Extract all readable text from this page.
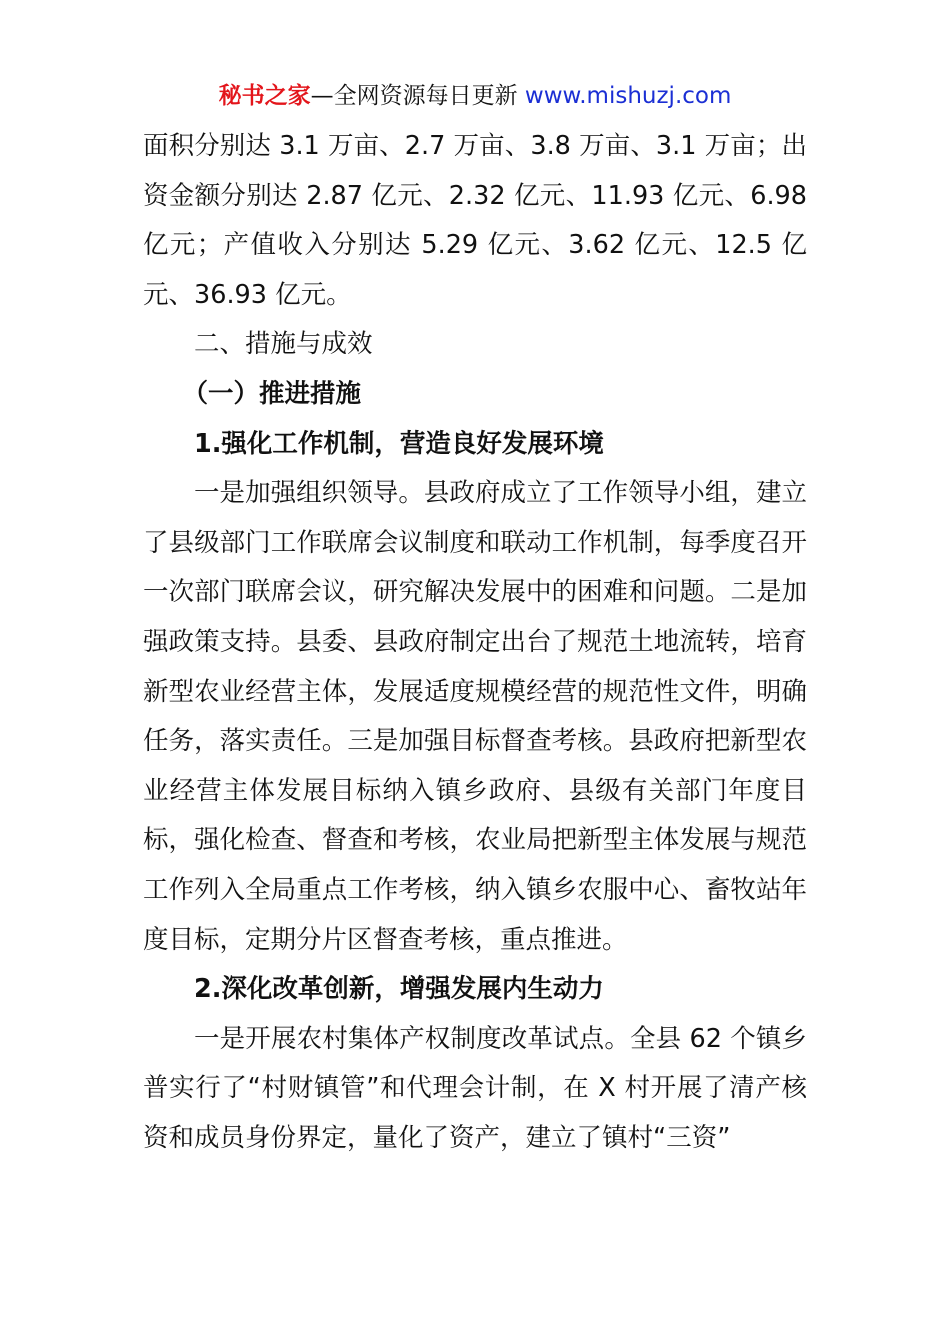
秘书之家—全网资源每日更新 www.mishuzj.com

面积分别达 3.1 万亩、2.7 万亩、3.8 万亩、3.1 万亩；出资金额分别达 2.87 亿元、2.32 亿元、11.93 亿元、6.98 亿元；产值收入分别达 5.29 亿元、3.62 亿元、12.5 亿元、36.93 亿元。

二、措施与成效

（一）推进措施

1.强化工作机制，营造良好发展环境

一是加强组织领导。县政府成立了工作领导小组，建立了县级部门工作联席会议制度和联动工作机制，每季度召开一次部门联席会议，研究解决发展中的困难和问题。二是加强政策支持。县委、县政府制定出台了规范土地流转，培育新型农业经营主体，发展适度规模经营的规范性文件，明确任务，落实责任。三是加强目标督查考核。县政府把新型农业经营主体发展目标纳入镇乡政府、县级有关部门年度目标，强化检查、督查和考核，农业局把新型主体发展与规范工作列入全局重点工作考核，纳入镇乡农服中心、畜牧站年度目标，定期分片区督查考核，重点推进。

2.深化改革创新，增强发展内生动力

一是开展农村集体产权制度改革试点。全县 62 个镇乡普实行了“村财镇管”和代理会计制，在 X 村开展了清产核资和成员身份界定，量化了资产，建立了镇村“三资”
